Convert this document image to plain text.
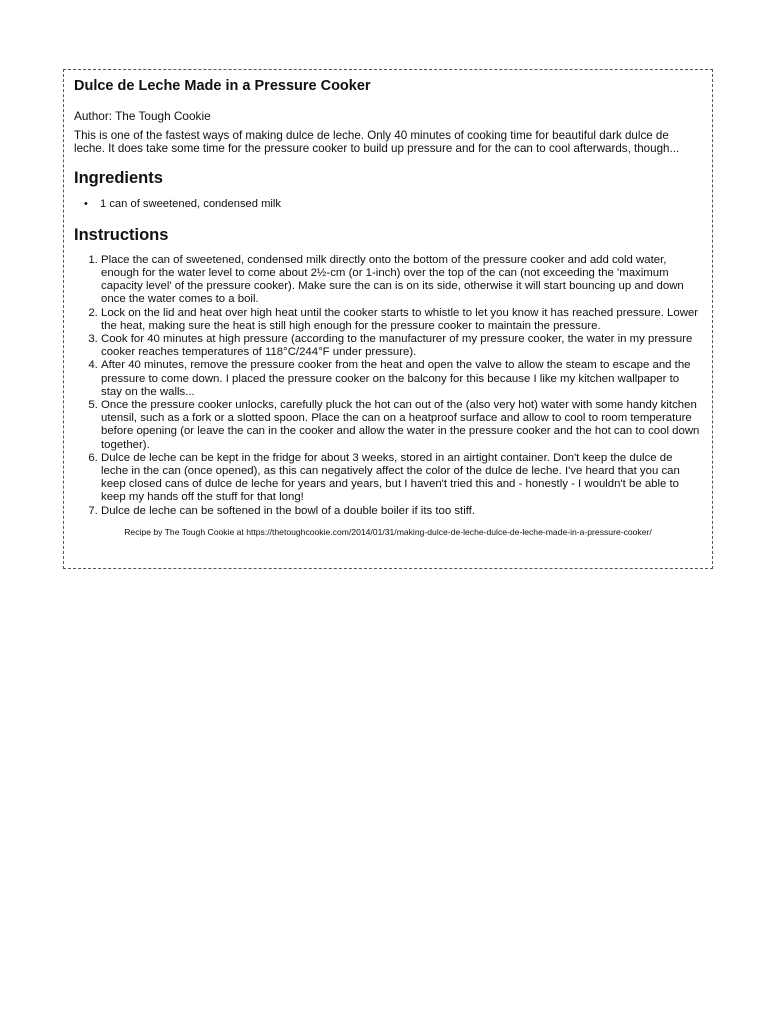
Dulce de Leche Made in a Pressure Cooker

Author: The Tough Cookie

This is one of the fastest ways of making dulce de leche. Only 40 minutes of cooking time for beautiful dark dulce de leche. It does take some time for the pressure cooker to build up pressure and for the can to cool afterwards, though...

Ingredients
• 1 can of sweetened, condensed milk
Instructions
1. Place the can of sweetened, condensed milk directly onto the bottom of the pressure cooker and add cold water, enough for the water level to come about 2½-cm (or 1-inch) over the top of the can (not exceeding the 'maximum capacity level' of the pressure cooker). Make sure the can is on its side, otherwise it will start bouncing up and down once the water comes to a boil.
2. Lock on the lid and heat over high heat until the cooker starts to whistle to let you know it has reached pressure. Lower the heat, making sure the heat is still high enough for the pressure cooker to maintain the pressure.
3. Cook for 40 minutes at high pressure (according to the manufacturer of my pressure cooker, the water in my pressure cooker reaches temperatures of 118°C/244°F under pressure).
4. After 40 minutes, remove the pressure cooker from the heat and open the valve to allow the steam to escape and the pressure to come down. I placed the pressure cooker on the balcony for this because I like my kitchen wallpaper to stay on the walls...
5. Once the pressure cooker unlocks, carefully pluck the hot can out of the (also very hot) water with some handy kitchen utensil, such as a fork or a slotted spoon. Place the can on a heatproof surface and allow to cool to room temperature before opening (or leave the can in the cooker and allow the water in the pressure cooker and the hot can to cool down together).
6. Dulce de leche can be kept in the fridge for about 3 weeks, stored in an airtight container. Don't keep the dulce de leche in the can (once opened), as this can negatively affect the color of the dulce de leche. I've heard that you can keep closed cans of dulce de leche for years and years, but I haven't tried this and - honestly - I wouldn't be able to keep my hands off the stuff for that long!
7. Dulce de leche can be softened in the bowl of a double boiler if its too stiff.

Recipe by The Tough Cookie at https://thetoughcookie.com/2014/01/31/making-dulce-de-leche-dulce-de-leche-made-in-a-pressure-cooker/
